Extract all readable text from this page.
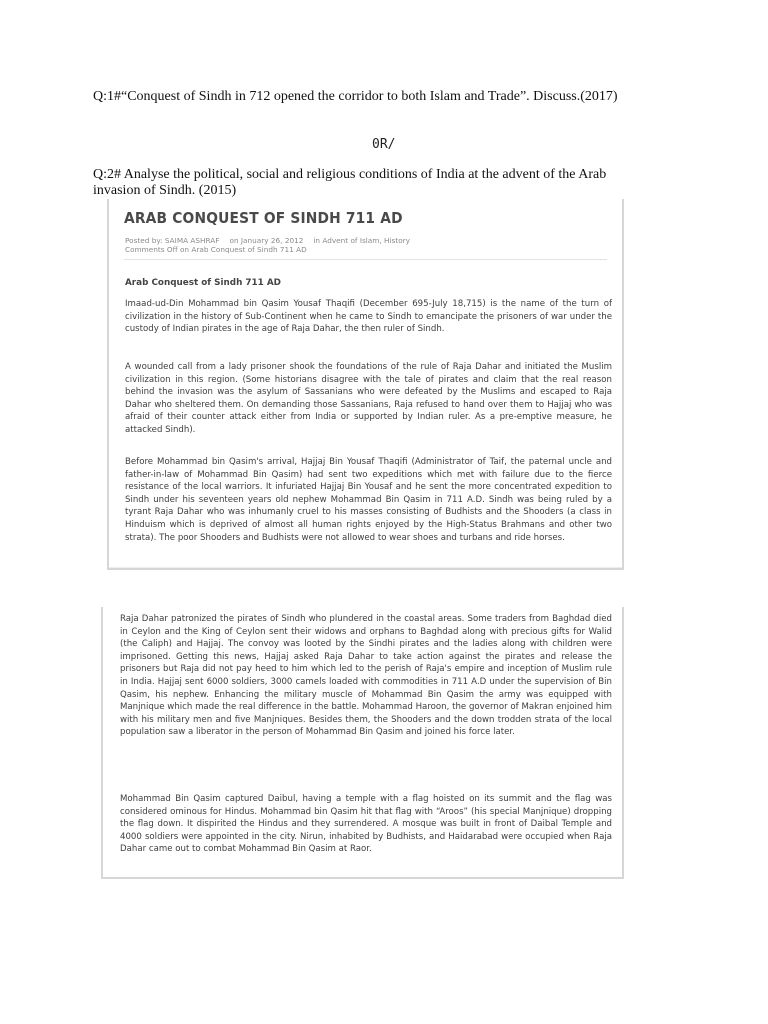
Q:1#“Conquest of Sindh in 712 opened the corridor to both Islam and Trade”. Discuss.(2017)
0R/
Q:2# Analyse the political, social and religious conditions of India at the advent of the Arab invasion of Sindh. (2015)
ARAB CONQUEST OF SINDH 711 AD
Posted by: SAIMA ASHRAF on January 26, 2012 in Advent of Islam, History
Comments Off on Arab Conquest of Sindh 711 AD
Arab Conquest of Sindh 711 AD
Imaad-ud-Din Mohammad bin Qasim Yousaf Thaqifi (December 695-July 18,715) is the name of the turn of civilization in the history of Sub-Continent when he came to Sindh to emancipate the prisoners of war under the custody of Indian pirates in the age of Raja Dahar, the then ruler of Sindh.
A wounded call from a lady prisoner shook the foundations of the rule of Raja Dahar and initiated the Muslim civilization in this region. (Some historians disagree with the tale of pirates and claim that the real reason behind the invasion was the asylum of Sassanians who were defeated by the Muslims and escaped to Raja Dahar who sheltered them. On demanding those Sassanians, Raja refused to hand over them to Hajjaj who was afraid of their counter attack either from India or supported by Indian ruler. As a pre-emptive measure, he attacked Sindh).
Before Mohammad bin Qasim's arrival, Hajjaj Bin Yousaf Thaqifi (Administrator of Taif, the paternal uncle and father-in-law of Mohammad Bin Qasim) had sent two expeditions which met with failure due to the fierce resistance of the local warriors. It infuriated Hajjaj Bin Yousaf and he sent the more concentrated expedition to Sindh under his seventeen years old nephew Mohammad Bin Qasim in 711 A.D. Sindh was being ruled by a tyrant Raja Dahar who was inhumanly cruel to his masses consisting of Budhists and the Shooders (a class in Hinduism which is deprived of almost all human rights enjoyed by the High-Status Brahmans and other two strata). The poor Shooders and Budhists were not allowed to wear shoes and turbans and ride horses.
Raja Dahar patronized the pirates of Sindh who plundered in the coastal areas. Some traders from Baghdad died in Ceylon and the King of Ceylon sent their widows and orphans to Baghdad along with precious gifts for Walid (the Caliph) and Hajjaj. The convoy was looted by the Sindhi pirates and the ladies along with children were imprisoned. Getting this news, Hajjaj asked Raja Dahar to take action against the pirates and release the prisoners but Raja did not pay heed to him which led to the perish of Raja's empire and inception of Muslim rule in India. Hajjaj sent 6000 soldiers, 3000 camels loaded with commodities in 711 A.D under the supervision of Bin Qasim, his nephew. Enhancing the military muscle of Mohammad Bin Qasim the army was equipped with Manjnique which made the real difference in the battle. Mohammad Haroon, the governor of Makran enjoined him with his military men and five Manjniques. Besides them, the Shooders and the down trodden strata of the local population saw a liberator in the person of Mohammad Bin Qasim and joined his force later.
Mohammad Bin Qasim captured Daibul, having a temple with a flag hoisted on its summit and the flag was considered ominous for Hindus. Mohammad bin Qasim hit that flag with “Aroos” (his special Manjnique) dropping the flag down. It dispirited the Hindus and they surrendered. A mosque was built in front of Daibal Temple and 4000 soldiers were appointed in the city. Nirun, inhabited by Budhists, and Haidarabad were occupied when Raja Dahar came out to combat Mohammad Bin Qasim at Raor.
